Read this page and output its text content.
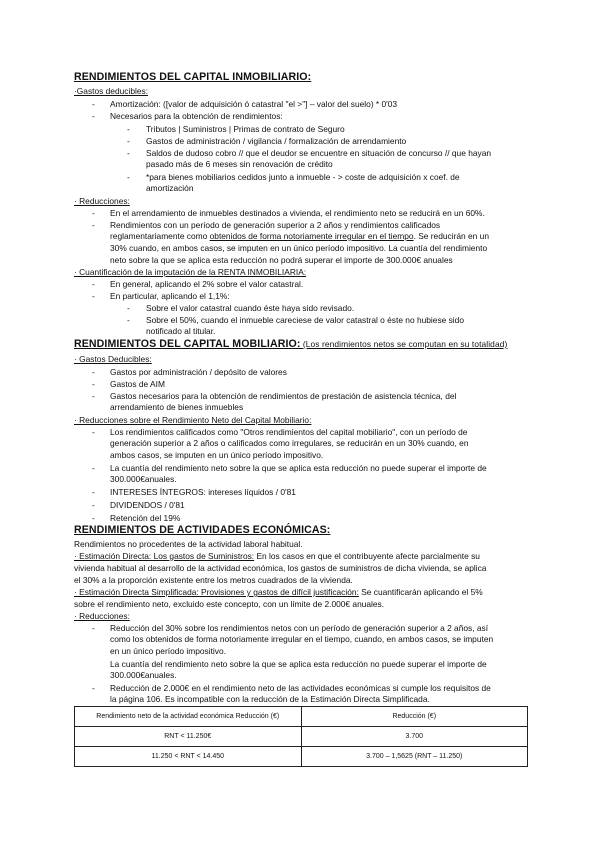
RENDIMIENTOS DEL CAPITAL INMOBILIARIO:
·Gastos deducibles:
- Amortización: ([valor de adquisición ó catastral "el >"] – valor del suelo) * 0'03
- Necesarios para la obtención de rendimientos:
- Tributos | Suministros | Primas de contrato de Seguro
- Gastos de administración / vigilancia / formalización de arrendamiento
- Saldos de dudoso cobro // que el deudor se encuentre en situación de concurso // que hayan
pasado más de 6 meses sin renovación de crédito
- *para bienes mobiliarios cedidos junto a inmueble - > coste de adquisición x coef. de
amortización
· Reducciones:
- En el arrendamiento de inmuebles destinados a vivienda, el rendimiento neto se reducirá en un 60%.
- Rendimientos con un período de generación superior a 2 años y rendimientos calificados
reglamentariamente como obtenidos de forma notoriamente irregular en el tiempo. Se reducirán en un
30% cuando, en ambos casos, se imputen en un único período impositivo. La cuantía del rendimiento
neto sobre la que se aplica esta reducción no podrá superar el importe de 300.000€ anuales
· Cuantificación de la imputación de la RENTA INMOBILIARIA:
- En general, aplicando el 2% sobre el valor catastral.
- En particular, aplicando el 1,1%:
- Sobre el valor catastral cuando éste haya sido revisado.
- Sobre el 50%, cuando el inmueble careciese de valor catastral o éste no hubiese sido
notificado al titular.
RENDIMIENTOS DEL CAPITAL MOBILIARIO: (Los rendimientos netos se computan en su totalidad)
· Gastos Deducibles:
- Gastos por administración / depósito de valores
- Gastos de AIM
- Gastos necesarios para la obtención de rendimientos de prestación de asistencia técnica, del
arrendamiento de bienes inmuebles
· Reducciones sobre el Rendimiento Neto del Capital Mobiliario:
- Los rendimientos calificados como "Otros rendimientos del capital mobiliario", con un período de
generación superior a 2 años o calificados como irregulares, se reducirán en un 30% cuando, en
ambos casos, se imputen en un único período impositivo.
- La cuantía del rendimiento neto sobre la que se aplica esta reducción no puede superar el importe de
300.000€anuales.
- INTERESES ÍNTEGROS: intereses líquidos / 0'81
- DIVIDENDOS / 0'81
- Retención del 19%
RENDIMIENTOS DE ACTIVIDADES ECONÓMICAS:
Rendimientos no procedentes de la actividad laboral habitual.
· Estimación Directa: Los gastos de Suministros: En los casos en que el contribuyente afecte parcialmente su
vivienda habitual al desarrollo de la actividad económica, los gastos de suministros de dicha vivienda, se aplica
el 30% a la proporción existente entre los metros cuadrados de la vivienda.
· Estimación Directa Simplificada: Provisiones y gastos de difícil justificación: Se cuantificarán aplicando el 5%
sobre el rendimiento neto, excluido este concepto, con un límite de 2.000€ anuales.
· Reducciones:
- Reducción del 30% sobre los rendimientos netos con un período de generación superior a 2 años, así
como los obtenidos de forma notoriamente irregular en el tiempo, cuando, en ambos casos, se imputen
en un único período impositivo.
La cuantía del rendimiento neto sobre la que se aplica esta reducción no puede superar el importe de
300.000€anuales.
- Reducción de 2.000€ en el rendimiento neto de las actividades económicas si cumple los requisitos de
la página 106. Es incompatible con la reducción de la Estimación Directa Simplificada.
Rendimiento neto de la actividad económica Reducción (€)	Reducción (€)
RNT < 11.250€	3.700
11.250 < RNT < 14.450	3.700 – 1,5625 (RNT – 11.250)
